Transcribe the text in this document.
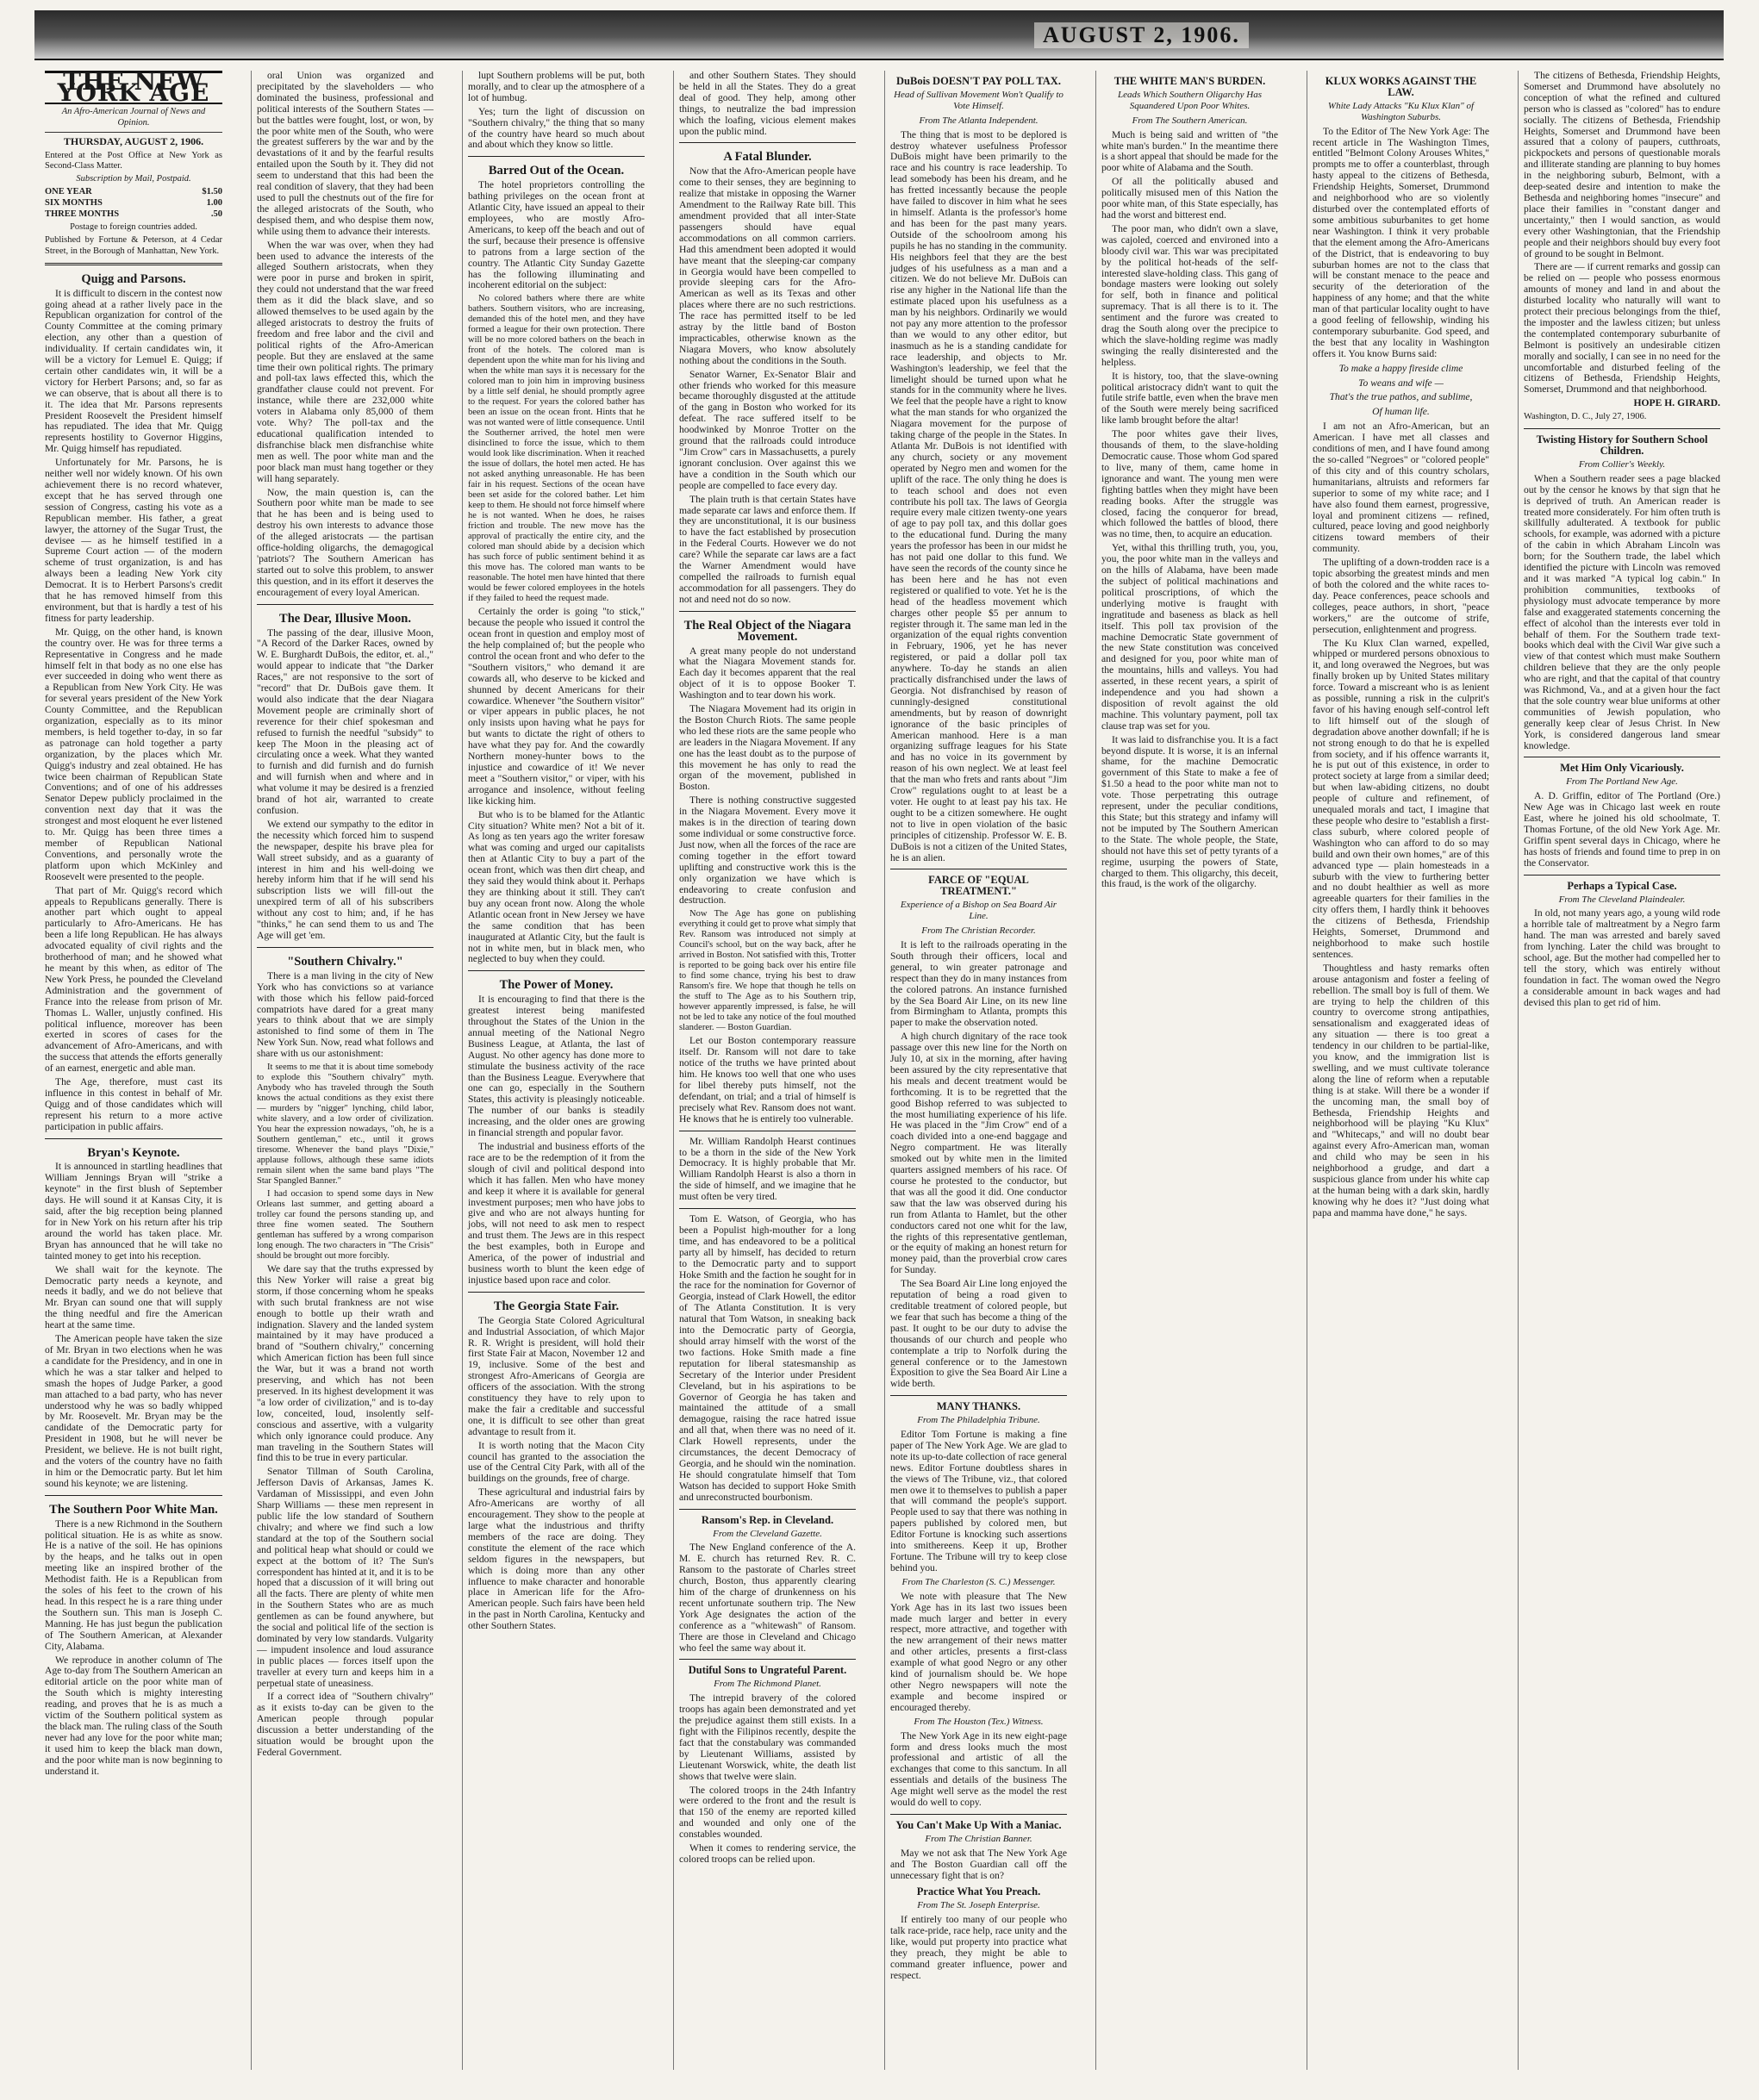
AUGUST 2, 1906.
THE NEW YORK AGE
An Afro-American Journal of News and Opinion.
THURSDAY, AUGUST 2, 1906.
Entered at the Post Office at New York as Second-Class Matter.
Subscription by Mail, Postpaid.
ONE YEAR	$1.50
SIX MONTHS	1.00
THREE MONTHS	.50
Postage to foreign countries added.
Published by Fortune & Peterson, at 4 Cedar Street, in the Borough of Manhattan, New York.
Quigg and Parsons.

It is difficult to discern in the contest now going ahead at a rather lively pace in the Republican organization for control of the County Committee at the coming primary election, any other than a question of individuality. If certain candidates win, it will be a victory for Lemuel E. Quigg; if certain other candidates win, it will be a victory for Herbert Parsons; and, so far as we can observe, that is about all there is to it. The idea that Mr. Parsons represents President Roosevelt the President himself has repudiated. The idea that Mr. Quigg represents hostility to Governor Higgins, Mr. Quigg himself has repudiated.

Unfortunately for Mr. Parsons, he is neither well nor widely known. Of his own achievement there is no record whatever, except that he has served through one session of Congress, casting his vote as a Republican member. His father, a great lawyer, the attorney of the Sugar Trust, the devisee — as he himself testified in a Supreme Court action — of the modern scheme of trust organization, is and has always been a leading New York city Democrat. It is to Herbert Parsons's credit that he has removed himself from this environment, but that is hardly a test of his fitness for party leadership.

Mr. Quigg, on the other hand, is known the country over. He was for three terms a Representative in Congress and he made himself felt in that body as no one else has ever succeeded in doing who went there as a Republican from New York City. He was for several years president of the New York County Committee, and the Republican organization, especially as to its minor members, is held together to-day, in so far as patronage can hold together a party organization, by the places which Mr. Quigg's industry and zeal obtained. He has twice been chairman of Republican State Conventions; and of one of his addresses Senator Depew publicly proclaimed in the convention next day that it was the strongest and most eloquent he ever listened to. Mr. Quigg has been three times a member of Republican National Conventions, and personally wrote the platform upon which McKinley and Roosevelt were presented to the people.

That part of Mr. Quigg's record which appeals to Republicans generally. There is another part which ought to appeal particularly to Afro-Americans. He has been a life long Republican. He has always advocated equality of civil rights and the brotherhood of man; and he showed what he meant by this when, as editor of The New York Press, he pounded the Cleveland Administration and the government of France into the release from prison of Mr. Thomas L. Waller, unjustly confined. His political influence, moreover has been exerted in scores of cases for the advancement of Afro-Americans, and with the success that attends the efforts generally of an earnest, energetic and able man.

The Age, therefore, must cast its influence in this contest in behalf of Mr. Quigg and of those candidates which will represent his return to a more active participation in public affairs.

Bryan's Keynote.

It is announced in startling headlines that William Jennings Bryan will "strike a keynote" in the first blush of September days. He will sound it at Kansas City, it is said, after the big reception being planned for in New York on his return after his trip around the world has taken place. Mr. Bryan has announced that he will take no tainted money to get into his reception.

We shall wait for the keynote. The Democratic party needs a keynote, and needs it badly, and we do not believe that Mr. Bryan can sound one that will supply the thing needful and fire the American heart at the same time.

The American people have taken the size of Mr. Bryan in two elections when he was a candidate for the Presidency, and in one in which he was a star talker and helped to smash the hopes of Judge Parker, a good man attached to a bad party, who has never understood why he was so badly whipped by Mr. Roosevelt. Mr. Bryan may be the candidate of the Democratic party for President in 1908, but he will never be President, we believe. He is not built right, and the voters of the country have no faith in him or the Democratic party. But let him sound his keynote; we are listening.

The Southern Poor White Man.

There is a new Richmond in the Southern political situation. He is as white as snow. He is a native of the soil. He has opinions by the heaps, and he talks out in open meeting like an inspired brother of the Methodist faith. He is a Republican from the soles of his feet to the crown of his head. In this respect he is a rare thing under the Southern sun. This man is Joseph C. Manning. He has just begun the publication of The Southern American, at Alexander City, Alabama.

We reproduce in another column of The Age to-day from The Southern American an editorial article on the poor white man of the South which is mighty interesting reading, and proves that he is as much a victim of the Southern political system as the black man. The ruling class of the South never had any love for the poor white man; it used him to keep the black man down, and the poor white man is now beginning to understand it.

oral Union was organized and precipitated by the slaveholders — who dominated the business, professional and political interests of the Southern States — but the battles were fought, lost, or won, by the poor white men of the South, who were the greatest sufferers by the war and by the devastations of it and by the fearful results entailed upon the South by it. They did not seem to understand that this had been the real condition of slavery, that they had been used to pull the chestnuts out of the fire for the alleged aristocrats of the South, who despised them, and who despise them now, while using them to advance their interests.

When the war was over, when they had been used to advance the interests of the alleged Southern aristocrats, when they were poor in purse and broken in spirit, they could not understand that the war freed them as it did the black slave, and so allowed themselves to be used again by the alleged aristocrats to destroy the fruits of freedom and free labor and the civil and political rights of the Afro-American people. But they are enslaved at the same time their own political rights. The primary and poll-tax laws effected this, which the grandfather clause could not prevent. For instance, while there are 232,000 white voters in Alabama only 85,000 of them vote. Why? The poll-tax and the educational qualification intended to disfranchise black men disfranchise white men as well. The poor white man and the poor black man must hang together or they will hang separately.

Now, the main question is, can the Southern poor white man be made to see that he has been and is being used to destroy his own interests to advance those of the alleged aristocrats — the partisan office-holding oligarchs, the demagogical 'patriots'? The Southern American has started out to solve this problem, to answer this question, and in its effort it deserves the encouragement of every loyal American.

The Dear, Illusive Moon.

The passing of the dear, illusive Moon, "A Record of the Darker Races, owned by W. E. Burghardt DuBois, the editor, et. al.," would appear to indicate that "the Darker Races," are not responsive to the sort of "record" that Dr. DuBois gave them. It would also indicate that the dear Niagara Movement people are criminally short of reverence for their chief spokesman and refused to furnish the needful "subsidy" to keep The Moon in the pleasing act of circulating once a week. What they wanted to furnish and did furnish and do furnish and will furnish when and where and in what volume it may be desired is a frenzied brand of hot air, warranted to create confusion.

We extend our sympathy to the editor in the necessity which forced him to suspend the newspaper, despite his brave plea for Wall street subsidy, and as a guaranty of interest in him and his well-doing we hereby inform him that if he will send his subscription lists we will fill-out the unexpired term of all of his subscribers without any cost to him; and, if he has "thinks," he can send them to us and The Age will get 'em.

"Southern Chivalry."

There is a man living in the city of New York who has convictions so at variance with those which his fellow paid-forced compatriots have dared for a great many years to think about that we are simply astonished to find some of them in The New York Sun. Now, read what follows and share with us our astonishment:

It seems to me that it is about time somebody to explode this "Southern chivalry" myth. Anybody who has traveled through the South knows the actual conditions as they exist there — murders by "nigger" lynching, child labor, white slavery, and a low order of civilization. You hear the expression nowadays, "oh, he is a Southern gentleman," etc., until it grows tiresome. Whenever the band plays "Dixie," applause follows, although these same idiots remain silent when the same band plays "The Star Spangled Banner."

I had occasion to spend some days in New Orleans last summer, and getting aboard a trolley car found the persons standing up, and three fine women seated. The Southern gentleman has suffered by a wrong comparison long enough. The two characters in "The Crisis" should be brought out more forcibly.

We dare say that the truths expressed by this New Yorker will raise a great big storm, if those concerning whom he speaks with such brutal frankness are not wise enough to bottle up their wrath and indignation. Slavery and the landed system maintained by it may have produced a brand of "Southern chivalry," concerning which American fiction has been full since the War, but it was a brand not worth preserving, and which has not been preserved. In its highest development it was "a low order of civilization," and is to-day low, conceited, loud, insolently self-conscious and assertive, with a vulgarity which only ignorance could produce. Any man traveling in the Southern States will find this to be true in every particular.

Senator Tillman of South Carolina, Jefferson Davis of Arkansas, James K. Vardaman of Mississippi, and even John Sharp Williams — these men represent in public life the low standard of Southern chivalry; and where we find such a low standard at the top of the Southern social and political heap what should or could we expect at the bottom of it? The Sun's correspondent has hinted at it, and it is to be hoped that a discussion of it will bring out all the facts. There are plenty of white men in the Southern States who are as much gentlemen as can be found anywhere, but the social and political life of the section is dominated by very low standards. Vulgarity — impudent insolence and loud assurance in public places — forces itself upon the traveller at every turn and keeps him in a perpetual state of uneasiness.

If a correct idea of "Southern chivalry" as it exists to-day can be given to the American people through popular discussion a better understanding of the situation would be brought upon the Federal Government.

lupt Southern problems will be put, both morally, and to clear up the atmosphere of a lot of humbug.

Yes; turn the light of discussion on "Southern chivalry," the thing that so many of the country have heard so much about and about which they know so little.

Barred Out of the Ocean.

The hotel proprietors controlling the bathing privileges on the ocean front at Atlantic City, have issued an appeal to their employees, who are mostly Afro-Americans, to keep off the beach and out of the surf, because their presence is offensive to patrons from a large section of the country. The Atlantic City Sunday Gazette has the following illuminating and incoherent editorial on the subject:

No colored bathers where there are white bathers. Southern visitors, who are increasing, demanded this of the hotel men, and they have formed a league for their own protection. There will be no more colored bathers on the beach in front of the hotels. The colored man is dependent upon the white man for his living and when the white man says it is necessary for the colored man to join him in improving business by a little self denial, he should promptly agree to the request. For years the colored bather has been an issue on the ocean front. Hints that he was not wanted were of little consequence. Until the Southerner arrived, the hotel men were disinclined to force the issue, which to them would look like discrimination. When it reached the issue of dollars, the hotel men acted. He has not asked anything unreasonable. He has been fair in his request. Sections of the ocean have been set aside for the colored bather. Let him keep to them. He should not force himself where he is not wanted. When he does, he raises friction and trouble. The new move has the approval of practically the entire city, and the colored man should abide by a decision which has such force of public sentiment behind it as this move has. The colored man wants to be reasonable. The hotel men have hinted that there would be fewer colored employees in the hotels if they failed to heed the request made.

Certainly the order is going "to stick," because the people who issued it control the ocean front in question and employ most of the help complained of; but the people who control the ocean front and who defer to the "Southern visitors," who demand it are cowards all, who deserve to be kicked and shunned by decent Americans for their cowardice. Whenever "the Southern visitor" or viper appears in public places, he not only insists upon having what he pays for but wants to dictate the right of others to have what they pay for. And the cowardly Northern money-hunter bows to the injustice and cowardice of it! We never meet a "Southern visitor," or viper, with his arrogance and insolence, without feeling like kicking him.

But who is to be blamed for the Atlantic City situation? White men? Not a bit of it. As long as ten years ago the writer foresaw what was coming and urged our capitalists then at Atlantic City to buy a part of the ocean front, which was then dirt cheap, and they said they would think about it. Perhaps they are thinking about it still. They can't buy any ocean front now. Along the whole Atlantic ocean front in New Jersey we have the same condition that has been inaugurated at Atlantic City, but the fault is not in white men, but in black men, who neglected to buy when they could.

The Power of Money.

It is encouraging to find that there is the greatest interest being manifested throughout the States of the Union in the annual meeting of the National Negro Business League, at Atlanta, the last of August. No other agency has done more to stimulate the business activity of the race than the Business League. Everywhere that one can go, especially in the Southern States, this activity is pleasingly noticeable. The number of our banks is steadily increasing, and the older ones are growing in financial strength and popular favor.

The industrial and business efforts of the race are to be the redemption of it from the slough of civil and political despond into which it has fallen. Men who have money and keep it where it is available for general investment purposes; men who have jobs to give and who are not always hunting for jobs, will not need to ask men to respect and trust them. The Jews are in this respect the best examples, both in Europe and America, of the power of industrial and business worth to blunt the keen edge of injustice based upon race and color.

The Georgia State Fair.

The Georgia State Colored Agricultural and Industrial Association, of which Major R. R. Wright is president, will hold their first State Fair at Macon, November 12 and 19, inclusive. Some of the best and strongest Afro-Americans of Georgia are officers of the association. With the strong constituency they have to rely upon to make the fair a creditable and successful one, it is difficult to see other than great advantage to result from it.

It is worth noting that the Macon City council has granted to the association the use of the Central City Park, with all of the buildings on the grounds, free of charge.

These agricultural and industrial fairs by Afro-Americans are worthy of all encouragement. They show to the people at large what the industrious and thrifty members of the race are doing. They constitute the element of the race which seldom figures in the newspapers, but which is doing more than any other influence to make character and honorable place in American life for the Afro-American people. Such fairs have been held in the past in North Carolina, Kentucky and other Southern States.

and other Southern States. They should be held in all the States. They do a great deal of good. They help, among other things, to neutralize the bad impression which the loafing, vicious element makes upon the public mind.

A Fatal Blunder.

Now that the Afro-American people have come to their senses, they are beginning to realize that mistake in opposing the Warner Amendment to the Railway Rate bill. This amendment provided that all inter-State passengers should have equal accommodations on all common carriers. Had this amendment been adopted it would have meant that the sleeping-car company in Georgia would have been compelled to provide sleeping cars for the Afro-American as well as its Texas and other places where there are no such restrictions. The race has permitted itself to be led astray by the little band of Boston impracticables, otherwise known as the Niagara Movers, who know absolutely nothing about the conditions in the South.

Senator Warner, Ex-Senator Blair and other friends who worked for this measure became thoroughly disgusted at the attitude of the gang in Boston who worked for its defeat. The race suffered itself to be hoodwinked by Monroe Trotter on the ground that the railroads could introduce "Jim Crow" cars in Massachusetts, a purely ignorant conclusion. Over against this we have a condition in the South which our people are compelled to face every day.

The plain truth is that certain States have made separate car laws and enforce them. If they are unconstitutional, it is our business to have the fact established by prosecution in the Federal Courts. However we do not care? While the separate car laws are a fact the Warner Amendment would have compelled the railroads to furnish equal accommodation for all passengers. They do not and need not do so now.

The Real Object of the Niagara Movement.

A great many people do not understand what the Niagara Movement stands for. Each day it becomes apparent that the real object of it is to oppose Booker T. Washington and to tear down his work.

The Niagara Movement had its origin in the Boston Church Riots. The same people who led these riots are the same people who are leaders in the Niagara Movement. If any one has the least doubt as to the purpose of this movement he has only to read the organ of the movement, published in Boston.

There is nothing constructive suggested in the Niagara Movement. Every move it makes is in the direction of tearing down some individual or some constructive force. Just now, when all the forces of the race are coming together in the effort toward uplifting and constructive work this is the only organization we have which is endeavoring to create confusion and destruction.

Now The Age has gone on publishing everything it could get to prove what simply that Rev. Ransom was introduced not simply at Council's school, but on the way back, after he arrived in Boston. Not satisfied with this, Trotter is reported to be going back over his entire file to find some chance, trying his best to draw Ransom's fire. We hope that though he tells on the stuff to The Age as to his Southern trip, however apparently impressed, is false, he will not be led to take any notice of the foul mouthed slanderer. — Boston Guardian.

Let our Boston contemporary reassure itself. Dr. Ransom will not dare to take notice of the truths we have printed about him. He knows too well that one who uses for libel thereby puts himself, not the defendant, on trial; and a trial of himself is precisely what Rev. Ransom does not want. He knows that he is entirely too vulnerable.

Mr. William Randolph Hearst continues to be a thorn in the side of the New York Democracy. It is highly probable that Mr. William Randolph Hearst is also a thorn in the side of himself, and we imagine that he must often be very tired.

Tom E. Watson, of Georgia, who has been a Populist high-mouther for a long time, and has endeavored to be a political party all by himself, has decided to return to the Democratic party and to support Hoke Smith and the faction he sought for in the race for the nomination for Governor of Georgia, instead of Clark Howell, the editor of The Atlanta Constitution. It is very natural that Tom Watson, in sneaking back into the Democratic party of Georgia, should array himself with the worst of the two factions. Hoke Smith made a fine reputation for liberal statesmanship as Secretary of the Interior under President Cleveland, but in his aspirations to be Governor of Georgia he has taken and maintained the attitude of a small demagogue, raising the race hatred issue and all that, when there was no need of it. Clark Howell represents, under the circumstances, the decent Democracy of Georgia, and he should win the nomination. He should congratulate himself that Tom Watson has decided to support Hoke Smith and unreconstructed bourbonism.

Ransom's Rep. in Cleveland.
From the Cleveland Gazette.

The New England conference of the A. M. E. church has returned Rev. R. C. Ransom to the pastorate of Charles street church, Boston, thus apparently clearing him of the charge of drunkenness on his recent unfortunate southern trip. The New York Age designates the action of the conference as a "whitewash" of Ransom. There are those in Cleveland and Chicago who feel the same way about it.

Dutiful Sons to Ungrateful Parent.
From The Richmond Planet.

The intrepid bravery of the colored troops has again been demonstrated and yet the prejudice against them still exists. In a fight with the Filipinos recently, despite the fact that the constabulary was commanded by Lieutenant Williams, assisted by Lieutenant Worswick, white, the death list shows that twelve were slain.

The colored troops in the 24th Infantry were ordered to the front and the result is that 150 of the enemy are reported killed and wounded and only one of the constables wounded.

When it comes to rendering service, the colored troops can be relied upon.

DuBois DOESN'T PAY POLL TAX.
Head of Sullivan Movement Won't Qualify to Vote Himself.
From The Atlanta Independent.

The thing that is most to be deplored is destroy whatever usefulness Professor DuBois might have been primarily to the race and his country is race leadership. To lead somebody has been his dream, and he has fretted incessantly because the people have failed to discover in him what he sees in himself. Atlanta is the professor's home and has been for the past many years. Outside of the schoolroom among his pupils he has no standing in the community. His neighbors feel that they are the best judges of his usefulness as a man and a citizen. We do not believe Mr. DuBois can rise any higher in the National life than the estimate placed upon his usefulness as a man by his neighbors. Ordinarily we would not pay any more attention to the professor than we would to any other editor, but inasmuch as he is a standing candidate for race leadership, and objects to Mr. Washington's leadership, we feel that the limelight should be turned upon what he stands for in the community where he lives. We feel that the people have a right to know what the man stands for who organized the Niagara movement for the purpose of taking charge of the people in the States. In Atlanta Mr. DuBois is not identified with any church, society or any movement operated by Negro men and women for the uplift of the race. The only thing he does is to teach school and does not even contribute his poll tax. The laws of Georgia require every male citizen twenty-one years of age to pay poll tax, and this dollar goes to the educational fund. During the many years the professor has been in our midst he has not paid one dollar to this fund. We have seen the records of the county since he has been here and he has not even registered or qualified to vote. Yet he is the head of the headless movement which charges other people $5 per annum to register through it. The same man led in the organization of the equal rights convention in February, 1906, yet he has never registered, or paid a dollar poll tax anywhere. To-day he stands an alien practically disfranchised under the laws of Georgia. Not disfranchised by reason of cunningly-designed constitutional amendments, but by reason of downright ignorance of the basic principles of American manhood. Here is a man organizing suffrage leagues for his State and has no voice in its government by reason of his own neglect. We at least feel that the man who frets and rants about "Jim Crow" regulations ought to at least be a voter. He ought to at least pay his tax. He ought to be a citizen somewhere. He ought not to live in open violation of the basic principles of citizenship. Professor W. E. B. DuBois is not a citizen of the United States, he is an alien.

FARCE OF "EQUAL TREATMENT."
Experience of a Bishop on Sea Board Air Line.
From The Christian Recorder.

It is left to the railroads operating in the South through their officers, local and general, to win greater patronage and respect than they do in many instances from the colored patrons. An instance furnished by the Sea Board Air Line, on its new line from Birmingham to Atlanta, prompts this paper to make the observation noted.

A high church dignitary of the race took passage over this new line for the North on July 10, at six in the morning, after having been assured by the city representative that his meals and decent treatment would be forthcoming. It is to be regretted that the good Bishop referred to was subjected to the most humiliating experience of his life. He was placed in the "Jim Crow" end of a coach divided into a one-end baggage and Negro compartment. He was literally smoked out by white men in the limited quarters assigned members of his race. Of course he protested to the conductor, but that was all the good it did. One conductor saw that the law was observed during his run from Atlanta to Hamlet, but the other conductors cared not one whit for the law, the rights of this representative gentleman, or the equity of making an honest return for money paid, than the proverbial crow cares for Sunday.

The Sea Board Air Line long enjoyed the reputation of being a road given to creditable treatment of colored people, but we fear that such has become a thing of the past. It ought to be our duty to advise the thousands of our church and people who contemplate a trip to Norfolk during the general conference or to the Jamestown Exposition to give the Sea Board Air Line a wide berth.

MANY THANKS.
From The Philadelphia Tribune.

Editor Tom Fortune is making a fine paper of The New York Age. We are glad to note its up-to-date collection of race general news. Editor Fortune doubtless shares in the views of The Tribune, viz., that colored men owe it to themselves to publish a paper that will command the people's support. People used to say that there was nothing in papers published by colored men, but Editor Fortune is knocking such assertions into smithereens. Keep it up, Brother Fortune. The Tribune will try to keep close behind you.

From The Charleston (S. C.) Messenger.

We note with pleasure that The New York Age has in its last two issues been made much larger and better in every respect, more attractive, and together with the new arrangement of their news matter and other articles, presents a first-class example of what good Negro or any other kind of journalism should be. We hope other Negro newspapers will note the example and become inspired or encouraged thereby.

From The Houston (Tex.) Witness.

The New York Age in its new eight-page form and dress looks much the most professional and artistic of all the exchanges that come to this sanctum. In all essentials and details of the business The Age might well serve as the model the rest would do well to copy.

You Can't Make Up With a Maniac.
From The Christian Banner.

May we not ask that The New York Age and The Boston Guardian call off the unnecessary fight that is on?

Practice What You Preach.
From The St. Joseph Enterprise.

If entirely too many of our people who talk race-pride, race help, race unity and the like, would put property into practice what they preach, they might be able to command greater influence, power and respect.

THE WHITE MAN'S BURDEN.
Leads Which Southern Oligarchy Has Squandered Upon Poor Whites.
From The Southern American.

Much is being said and written of "the white man's burden." In the meantime there is a short appeal that should be made for the poor white of Alabama and the South.

Of all the politically abused and politically misused men of this Nation the poor white man, of this State especially, has had the worst and bitterest end.

The poor man, who didn't own a slave, was cajoled, coerced and environed into a bloody civil war. This war was precipitated by the political hot-heads of the self-interested slave-holding class. This gang of bondage masters were looking out solely for self, both in finance and political supremacy. That is all there is to it. The sentiment and the furore was created to drag the South along over the precipice to which the slave-holding regime was madly swinging the really disinterested and the helpless.

It is history, too, that the slave-owning political aristocracy didn't want to quit the futile strife battle, even when the brave men of the South were merely being sacrificed like lamb brought before the altar!

The poor whites gave their lives, thousands of them, to the slave-holding Democratic cause. Those whom God spared to live, many of them, came home in ignorance and want. The young men were fighting battles when they might have been reading books. After the struggle was closed, facing the conqueror for bread, which followed the battles of blood, there was no time, then, to acquire an education.

Yet, withal this thrilling truth, you, you, you, the poor white man in the valleys and on the hills of Alabama, have been made the subject of political machinations and political proscriptions, of which the underlying motive is fraught with ingratitude and baseness as black as hell itself. This poll tax provision of the machine Democratic State government of the new State constitution was conceived and designed for you, poor white man of the mountains, hills and valleys. You had asserted, in these recent years, a spirit of independence and you had shown a disposition of revolt against the old machine. This voluntary payment, poll tax clause trap was set for you.

It was laid to disfranchise you. It is a fact beyond dispute. It is worse, it is an infernal shame, for the machine Democratic government of this State to make a fee of $1.50 a head to the poor white man not to vote. Those perpetrating this outrage represent, under the peculiar conditions, this State; but this strategy and infamy will not be imputed by The Southern American to the State. The whole people, the State, should not have this set of petty tyrants of a regime, usurping the powers of State, charged to them. This oligarchy, this deceit, this fraud, is the work of the oligarchy.

KLUX WORKS AGAINST THE LAW.
White Lady Attacks "Ku Klux Klan" of Washington Suburbs.

To the Editor of The New York Age: The recent article in The Washington Times, entitled "Belmont Colony Arouses Whites," prompts me to offer a counterblast, through hasty appeal to the citizens of Bethesda, Friendship Heights, Somerset, Drummond and neighborhood who are so violently disturbed over the contemplated efforts of some ambitious suburbanites to get home near Washington. I think it very probable that the element among the Afro-Americans of the District, that is endeavoring to buy suburban homes are not to the class that will be constant menace to the peace and security of the deterioration of the happiness of any home; and that the white man of that particular locality ought to have a good feeling of fellowship, winding his contemporary suburbanite. God speed, and the best that any locality in Washington offers it. You know Burns said:

To make a happy fireside clime
To weans and wife —
That's the true pathos, and sublime,
Of human life.

I am not an Afro-American, but an American. I have met all classes and conditions of men, and I have found among the so-called "Negroes" or "colored people" of this city and of this country scholars, humanitarians, altruists and reformers far superior to some of my white race; and I have also found them earnest, progressive, loyal and prominent citizens — refined, cultured, peace loving and good neighborly citizens toward members of their community.

The uplifting of a down-trodden race is a topic absorbing the greatest minds and men of both the colored and the white races to-day. Peace conferences, peace schools and colleges, peace authors, in short, "peace workers," are the outcome of strife, persecution, enlightenment and progress.

The Ku Klux Clan warned, expelled, whipped or murdered persons obnoxious to it, and long overawed the Negroes, but was finally broken up by United States military force. Toward a miscreant who is as lenient as possible, running a risk in the culprit's favor of his having enough self-control left to lift himself out of the slough of degradation above another downfall; if he is not strong enough to do that he is expelled from society, and if his offence warrants it, he is put out of this existence, in order to protect society at large from a similar deed; but when law-abiding citizens, no doubt people of culture and refinement, of unequaled morals and tact, I imagine that these people who desire to "establish a first-class suburb, where colored people of Washington who can afford to do so may build and own their own homes," are of this advanced type — plain homesteads in a suburb with the view to furthering better and no doubt healthier as well as more agreeable quarters for their families in the city offers them, I hardly think it behooves the citizens of Bethesda, Friendship Heights, Somerset, Drummond and neighborhood to make such hostile sentences.

Thoughtless and hasty remarks often arouse antagonism and foster a feeling of rebellion. The small boy is full of them. We are trying to help the children of this country to overcome strong antipathies, sensationalism and exaggerated ideas of any situation — there is too great a tendency in our children to be partial-like, you know, and the immigration list is swelling, and we must cultivate tolerance along the line of reform when a reputable thing is at stake. Will there be a wonder if the uncoming man, the small boy of Bethesda, Friendship Heights and neighborhood will be playing "Ku Klux" and "Whitecaps," and will no doubt bear against every Afro-American man, woman and child who may be seen in his neighborhood a grudge, and dart a suspicious glance from under his white cap at the human being with a dark skin, hardly knowing why he does it? "Just doing what papa and mamma have done," he says.

The citizens of Bethesda, Friendship Heights, Somerset and Drummond have absolutely no conception of what the refined and cultured person who is classed as "colored" has to endure socially. The citizens of Bethesda, Friendship Heights, Somerset and Drummond have been assured that a colony of paupers, cutthroats, pickpockets and persons of questionable morals and illiterate standing are planning to buy homes in the neighboring suburb, Belmont, with a deep-seated desire and intention to make the Bethesda and neighboring homes "insecure" and place their families in "constant danger and uncertainty," then I would sanction, as would every other Washingtonian, that the Friendship people and their neighbors should buy every foot of ground to be sought in Belmont.

There are — if current remarks and gossip can be relied on — people who possess enormous amounts of money and land in and about the disturbed locality who naturally will want to protect their precious belongings from the thief, the imposter and the lawless citizen; but unless the contemplated contemporary suburbanite of Belmont is positively an undesirable citizen morally and socially, I can see in no need for the uncomfortable and disturbed feeling of the citizens of Bethesda, Friendship Heights, Somerset, Drummond and that neighborhood.

HOPE H. GIRARD.
Washington, D. C., July 27, 1906.
Twisting History for Southern School Children.
From Collier's Weekly.

When a Southern reader sees a page blacked out by the censor he knows by that sign that he is deprived of truth. An American reader is treated more considerately. For him often truth is skillfully adulterated. A textbook for public schools, for example, was adorned with a picture of the cabin in which Abraham Lincoln was born; for the Southern trade, the label which identified the picture with Lincoln was removed and it was marked "A typical log cabin." In prohibition communities, textbooks of physiology must advocate temperance by more false and exaggerated statements concerning the effect of alcohol than the interests ever told in behalf of them. For the Southern trade text-books which deal with the Civil War give such a view of that contest which must make Southern children believe that they are the only people who are right, and that the capital of that country was Richmond, Va., and at a given hour the fact that the sole country wear blue uniforms at other communities of Jewish population, who generally keep clear of Jesus Christ. In New York, is considered dangerous land smear knowledge.

Met Him Only Vicariously.
From The Portland New Age.

A. D. Griffin, editor of The Portland (Ore.) New Age was in Chicago last week en route East, where he joined his old schoolmate, T. Thomas Fortune, of the old New York Age. Mr. Griffin spent several days in Chicago, where he has hosts of friends and found time to prep in on the Conservator.

Perhaps a Typical Case.
From The Cleveland Plaindealer.

In old, not many years ago, a young wild rode a horrible tale of maltreatment by a Negro farm hand. The man was arrested and barely saved from lynching. Later the child was brought to school, age. But the mother had compelled her to tell the story, which was entirely without foundation in fact. The woman owed the Negro a considerable amount in back wages and had devised this plan to get rid of him.
